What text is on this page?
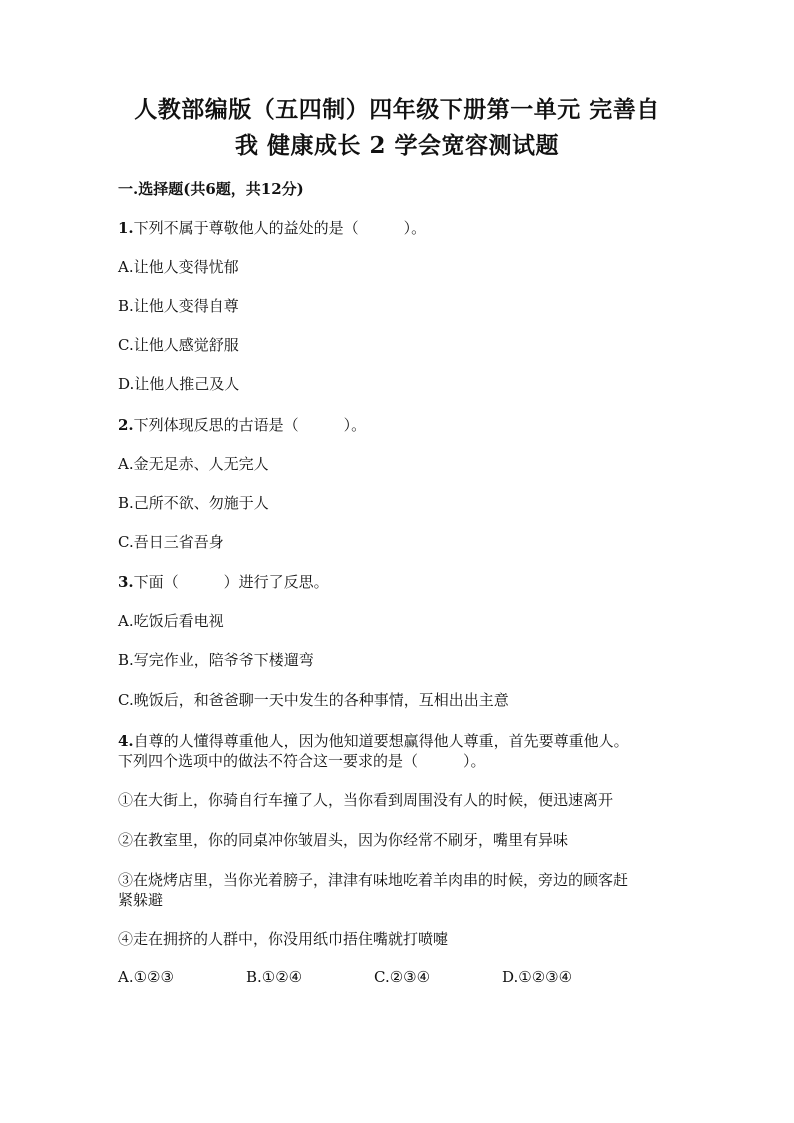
人教部编版（五四制）四年级下册第一单元 完善自
我 健康成长 2 学会宽容测试题
一.选择题(共6题，共12分)
1.下列不属于尊敬他人的益处的是（　　　）。
A.让他人变得忧郁
B.让他人变得自尊
C.让他人感觉舒服
D.让他人推己及人
2.下列体现反思的古语是（　　　）。
A.金无足赤、人无完人
B.己所不欲、勿施于人
C.吾日三省吾身
3.下面（　　　）进行了反思。
A.吃饭后看电视
B.写完作业，陪爷爷下楼遛弯
C.晚饭后，和爸爸聊一天中发生的各种事情，互相出出主意
4.自尊的人懂得尊重他人，因为他知道要想赢得他人尊重，首先要尊重他人。
下列四个选项中的做法不符合这一要求的是（　　　）。
①在大街上，你骑自行车撞了人，当你看到周围没有人的时候，便迅速离开
②在教室里，你的同桌冲你皱眉头，因为你经常不刷牙，嘴里有异味
③在烧烤店里，当你光着膀子，津津有味地吃着羊肉串的时候，旁边的顾客赶
紧躲避
④走在拥挤的人群中，你没用纸巾捂住嘴就打喷嚏
A.①②③	B.①②④	C.②③④	D.①②③④
